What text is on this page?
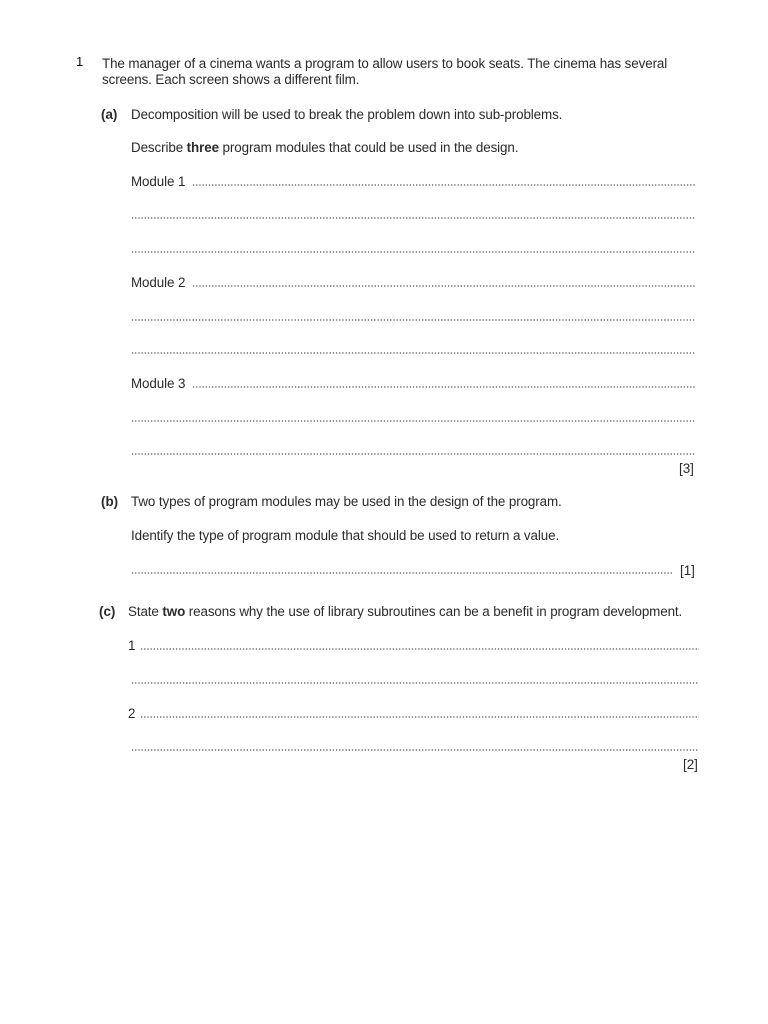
1 The manager of a cinema wants a program to allow users to book seats. The cinema has several
screens. Each screen shows a different film.
(a) Decomposition will be used to break the problem down into sub-problems.
Describe three program modules that could be used in the design.
Module 1
Module 2
Module 3
[3]
(b) Two types of program modules may be used in the design of the program.
Identify the type of program module that should be used to return a value.
[1]
(c) State two reasons why the use of library subroutines can be a benefit in program development.
1
2
[2]
